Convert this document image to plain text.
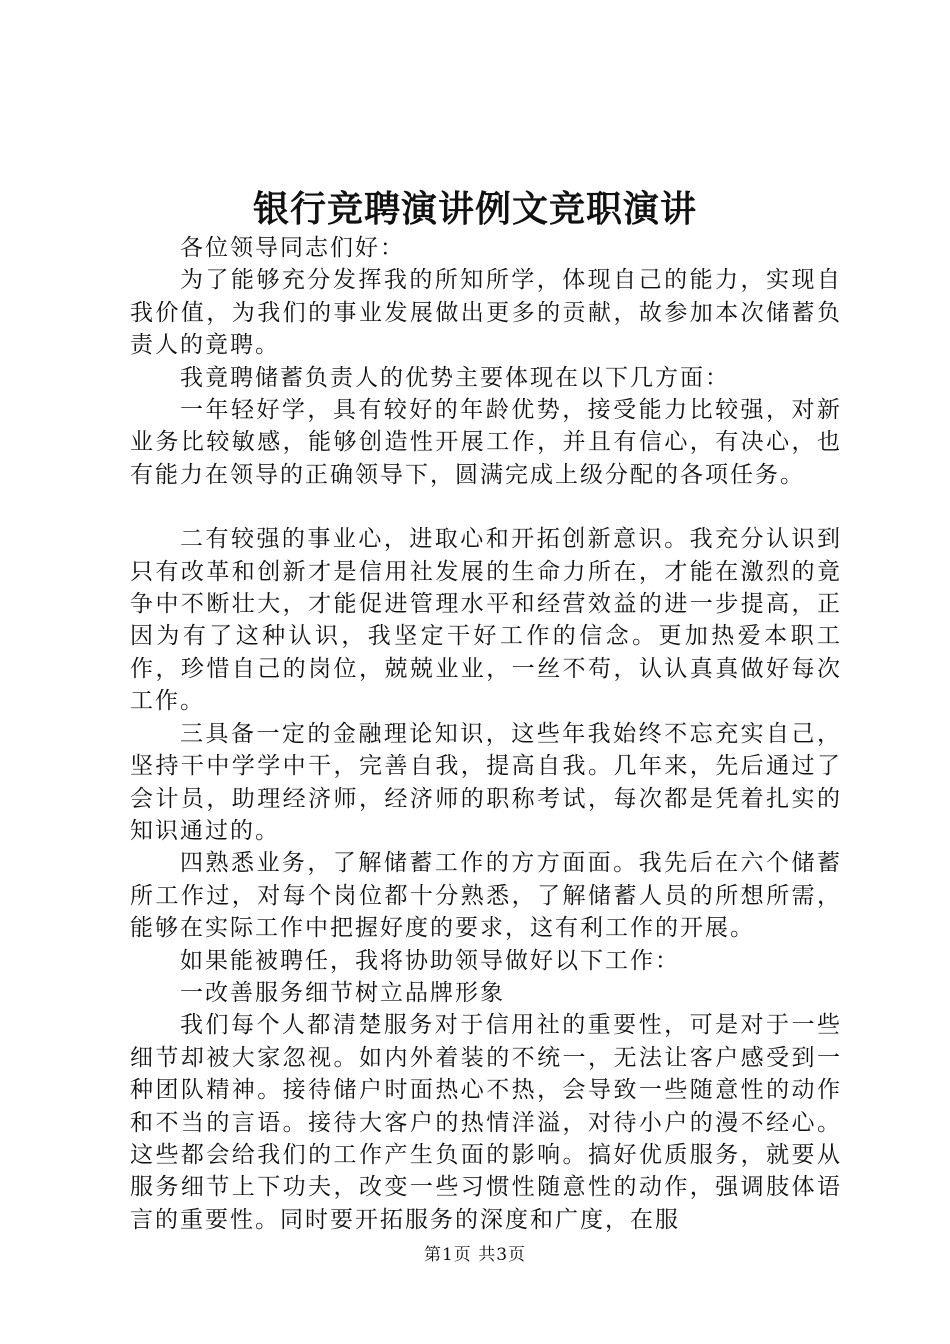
银行竞聘演讲例文竞职演讲

各位领导同志们好：

为了能够充分发挥我的所知所学，体现自己的能力，实现自我价值，为我们的事业发展做出更多的贡献，故参加本次储蓄负责人的竟聘。

我竟聘储蓄负责人的优势主要体现在以下几方面：

一年轻好学，具有较好的年龄优势，接受能力比较强，对新业务比较敏感，能够创造性开展工作，并且有信心，有决心，也有能力在领导的正确领导下，圆满完成上级分配的各项任务。

二有较强的事业心，进取心和开拓创新意识。我充分认识到只有改革和创新才是信用社发展的生命力所在，才能在激烈的竟争中不断壮大，才能促进管理水平和经营效益的进一步提高，正因为有了这种认识，我坚定干好工作的信念。更加热爱本职工作，珍惜自己的岗位，兢兢业业，一丝不苟，认认真真做好每次工作。

三具备一定的金融理论知识，这些年我始终不忘充实自己，坚持干中学学中干，完善自我，提高自我。几年来，先后通过了会计员，助理经济师，经济师的职称考试，每次都是凭着扎实的知识通过的。

四熟悉业务，了解储蓄工作的方方面面。我先后在六个储蓄所工作过，对每个岗位都十分熟悉，了解储蓄人员的所想所需，能够在实际工作中把握好度的要求，这有利工作的开展。

如果能被聘任，我将协助领导做好以下工作：

一改善服务细节树立品牌形象

我们每个人都清楚服务对于信用社的重要性，可是对于一些细节却被大家忽视。如内外着装的不统一，无法让客户感受到一种团队精神。接待储户时面热心不热，会导致一些随意性的动作和不当的言语。接待大客户的热情洋溢，对待小户的漫不经心。这些都会给我们的工作产生负面的影响。搞好优质服务，就要从服务细节上下功夫，改变一些习惯性随意性的动作，强调肢体语言的重要性。同时要开拓服务的深度和广度，在服

第1页 共3页
